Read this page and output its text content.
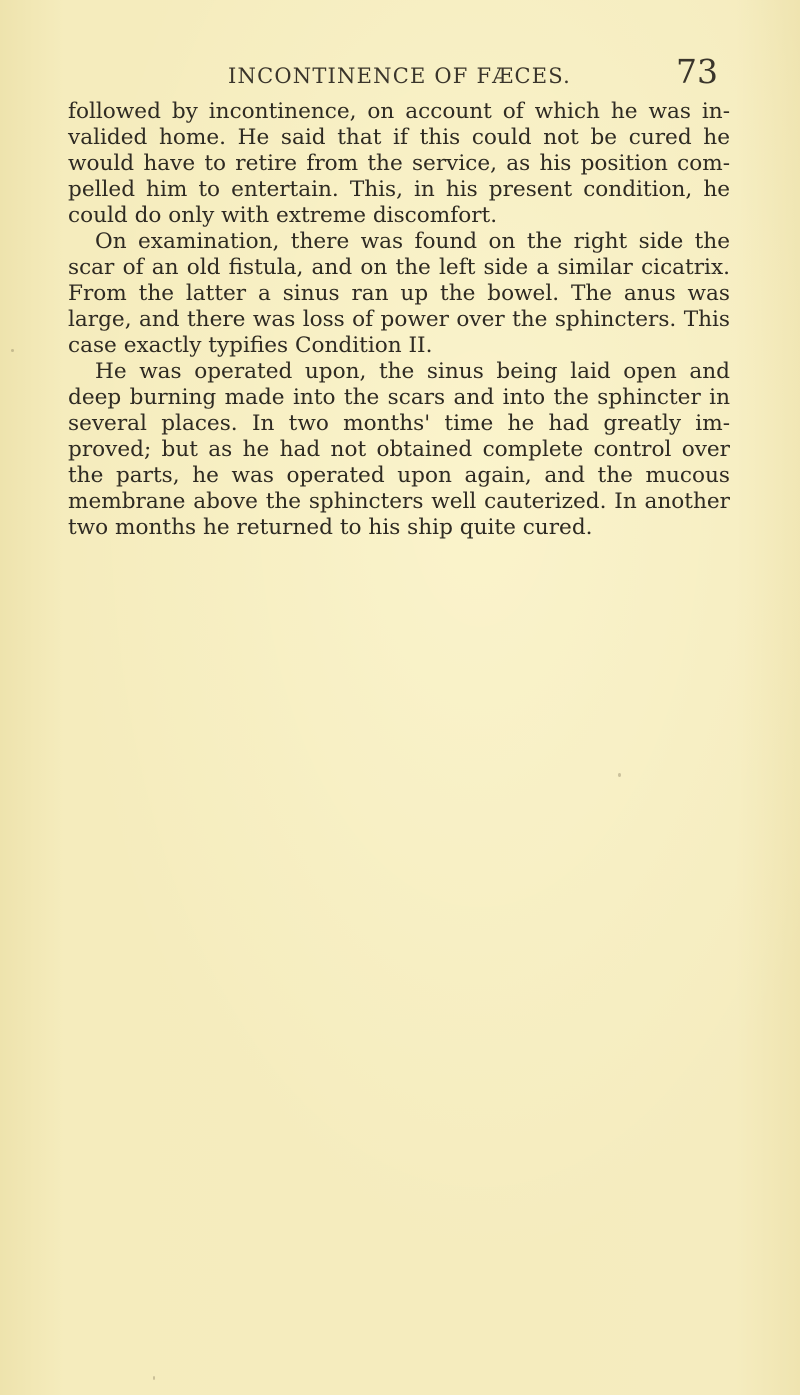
INCONTINENCE OF FÆCES.	73
followed by incontinence, on account of which he was in-
valided home. He said that if this could not be cured he
would have to retire from the service, as his position com-
pelled him to entertain. This, in his present condition, he
could do only with extreme discomfort.
On examination, there was found on the right side the
scar of an old fistula, and on the left side a similar cicatrix.
From the latter a sinus ran up the bowel. The anus was
large, and there was loss of power over the sphincters. This
case exactly typifies Condition II.
He was operated upon, the sinus being laid open and
deep burning made into the scars and into the sphincter in
several places. In two months' time he had greatly im-
proved; but as he had not obtained complete control over
the parts, he was operated upon again, and the mucous
membrane above the sphincters well cauterized. In another
two months he returned to his ship quite cured.
